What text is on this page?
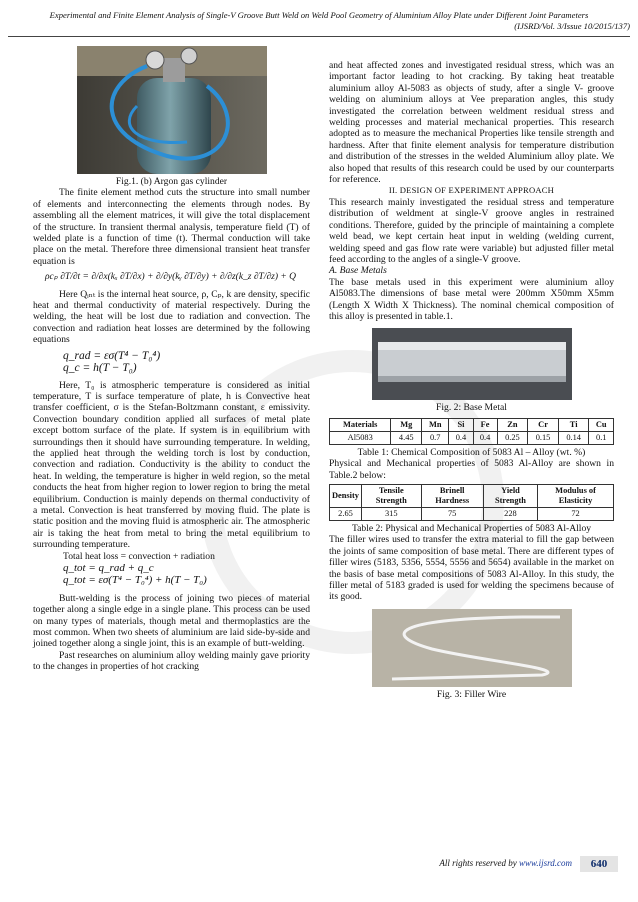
Experimental and Finite Element Analysis of Single-V Groove Butt Weld on Weld Pool Geometry of Aluminium Alloy Plate under Different Joint Parameters
(IJSRD/Vol. 3/Issue 10/2015/137)

Fig.1. (b) Argon gas cylinder

The finite element method cuts the structure into small number of elements and interconnecting the elements through nodes. By assembling all the element matrices, it will give the total displacement of the structure. In transient thermal analysis, temperature field (T) of welded plate is a function of time (t). Thermal conduction will take place on the metal. Therefore three dimensional transient heat transfer equation is

ρcₚ ∂T/∂t = ∂/∂x(kₓ ∂T/∂x) + ∂/∂y(kᵧ ∂T/∂y) + ∂/∂z(k_z ∂T/∂z) + Q

Here Qᵢₙₜ is the internal heat source, ρ, Cₚ, k are density, specific heat and thermal conductivity of material respectively. During the welding, the heat will be lost due to radiation and convection. The convection and radiation heat losses are determined by the following equations

q_rad = εσ(T⁴ − T₀⁴)

q_c = h(T − T₀)

Here, T₀ is atmospheric temperature is considered as initial temperature, T is surface temperature of plate, h is Convective heat transfer coefficient, σ is the Stefan-Boltzmann constant, ε emissivity. Convection boundary condition applied all surfaces of metal plate except bottom surface of the plate. If system is in equilibrium with surroundings then it should have surrounding temperature. In welding, the applied heat through the welding torch is lost by conduction, convection and radiation. Conductivity is the ability to conduct the heat. In welding, the temperature is higher in weld region, so the metal conducts the heat from higher region to lower region to bring the metal equilibrium. Conduction is mainly depends on thermal conductivity of a metal. Convection is heat transferred by moving fluid. The plate is static position and the moving fluid is atmospheric air. The atmospheric air is taking the heat from metal to bring the metal equilibrium to surrounding temperature.

Total heat loss = convection + radiation

q_tot = q_rad + q_c

q_tot = εσ(T⁴ − T₀⁴) + h(T − T₀)

Butt-welding is the process of joining two pieces of material together along a single edge in a single plane. This process can be used on many types of materials, though metal and thermoplastics are the most common. When two sheets of aluminium are laid side-by-side and joined together along a single joint, this is an example of butt-welding.

Past researches on aluminium alloy welding mainly gave priority to the changes in properties of hot cracking

and heat affected zones and investigated residual stress, which was an important factor leading to hot cracking. By taking heat treatable aluminium alloy Al-5083 as objects of study, after a single V- groove welding on aluminium alloys at Vee preparation angles, this study investigated the correlation between weldment residual stress and welding processes and material mechanical properties. This research adopted as to measure the mechanical Properties like tensile strength and hardness. After that finite element analysis for temperature distribution and distribution of the stresses in the welded Aluminium alloy plate. We also hoped that results of this research could be used by our counterparts for reference.

II. DESIGN OF EXPERIMENT APPROACH

This research mainly investigated the residual stress and temperature distribution of weldment at single-V groove angles in restrained conditions. Therefore, guided by the principle of maintaining a complete weld bead, we kept certain heat input in welding (welding current, welding speed and gas flow rate were variable) but adjusted filler metal feed according to the angles of a single-V groove.

A. Base Metals

The base metals used in this experiment were aluminium alloy Al5083.The dimensions of base metal were 200mm X50mm X5mm (Length X Width X Thickness). The nominal chemical composition of this alloy is presented in table.1.

Fig. 2: Base Metal

Materials	Mg	Mn	Si	Fe	Zn	Cr	Ti	Cu
Al5083	4.45	0.7	0.4	0.4	0.25	0.15	0.14	0.1

Table 1: Chemical Composition of 5083 Al – Alloy (wt. %)

Physical and Mechanical properties of 5083 Al-Alloy are shown in Table.2 below:

Density	Tensile Strength	Brinell Hardness	Yield Strength	Modulus of Elasticity
2.65	315	75	228	72

Table 2: Physical and Mechanical Properties of 5083 Al-Alloy

The filler wires used to transfer the extra material to fill the gap between the joints of same composition of base metal. There are different types of filler wires (5183, 5356, 5554, 5556 and 5654) available in the market on the basis of base metal compositions of 5083 Al-Alloy. In this study, the filler metal of 5183 graded is used for welding the specimens because of its good.

Fig. 3: Filler Wire

All rights reserved by www.ijsrd.com	640
